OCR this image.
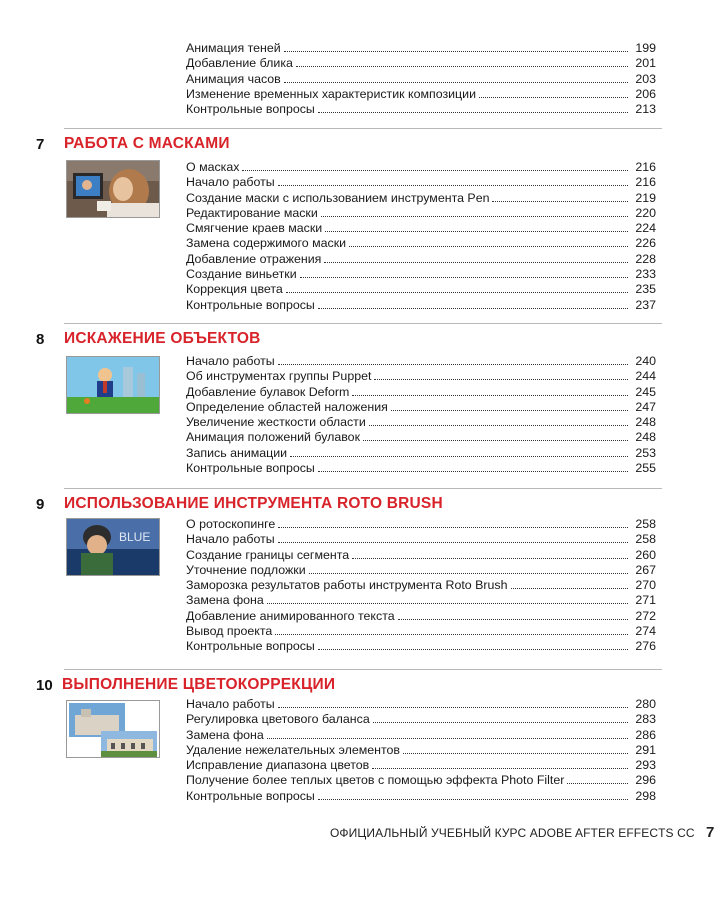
Анимация теней	199
Добавление блика	201
Анимация часов	203
Изменение временных характеристик композиции	206
Контрольные вопросы	213
7	РАБОТА С МАСКАМИ
О масках	216
Начало работы	216
Создание маски с использованием инструмента Pen	219
Редактирование маски	220
Смягчение краев маски	224
Замена содержимого маски	226
Добавление отражения	228
Создание виньетки	233
Коррекция цвета	235
Контрольные вопросы	237
8	ИСКАЖЕНИЕ ОБЪЕКТОВ
Начало работы	240
Об инструментах группы Puppet	244
Добавление булавок Deform	245
Определение областей наложения	247
Увеличение жесткости области	248
Анимация положений булавок	248
Запись анимации	253
Контрольные вопросы	255
9	ИСПОЛЬЗОВАНИЕ ИНСТРУМЕНТА ROTO BRUSH
BLUE
О ротоскопинге	258
Начало работы	258
Создание границы сегмента	260
Уточнение подложки	267
Заморозка результатов работы инструмента Roto Brush	270
Замена фона	271
Добавление анимированного текста	272
Вывод проекта	274
Контрольные вопросы	276
10 ВЫПОЛНЕНИЕ ЦВЕТОКОРРЕКЦИИ
Начало работы	280
Регулировка цветового баланса	283
Замена фона	286
Удаление нежелательных элементов	291
Исправление диапазона цветов	293
Получение более теплых цветов с помощью эффекта Photo Filter	296
Контрольные вопросы	298
ОФИЦИАЛЬНЫЙ УЧЕБНЫЙ КУРС ADOBE AFTER EFFECTS CC 7
